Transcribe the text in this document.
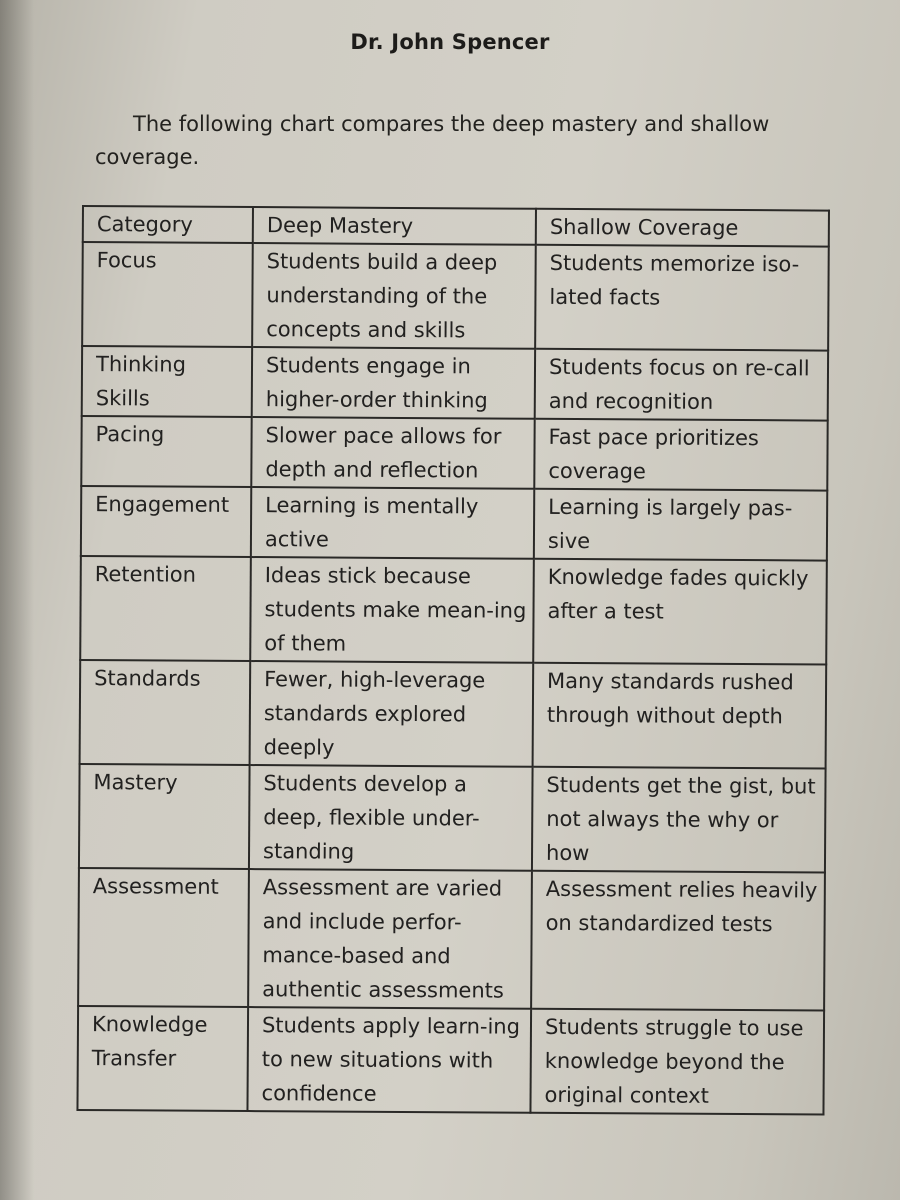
Dr. John Spencer

The following chart compares the deep mastery and shallow coverage.

Category	Deep Mastery	Shallow Coverage
Focus	Students build a deep understanding of the concepts and skills	Students memorize iso-lated facts
Thinking Skills	Students engage in higher-order thinking	Students focus on re-call and recognition
Pacing	Slower pace allows for depth and reflection	Fast pace prioritizes coverage
Engagement	Learning is mentally active	Learning is largely pas-sive
Retention	Ideas stick because students make mean-ing of them	Knowledge fades quickly after a test
Standards	Fewer, high-leverage standards explored deeply	Many standards rushed through without depth
Mastery	Students develop a deep, flexible under-standing	Students get the gist, but not always the why or how
Assessment	Assessment are varied and include perfor-mance-based and authentic assessments	Assessment relies heavily on standardized tests
Knowledge Transfer	Students apply learn-ing to new situations with confidence	Students struggle to use knowledge beyond the original context
